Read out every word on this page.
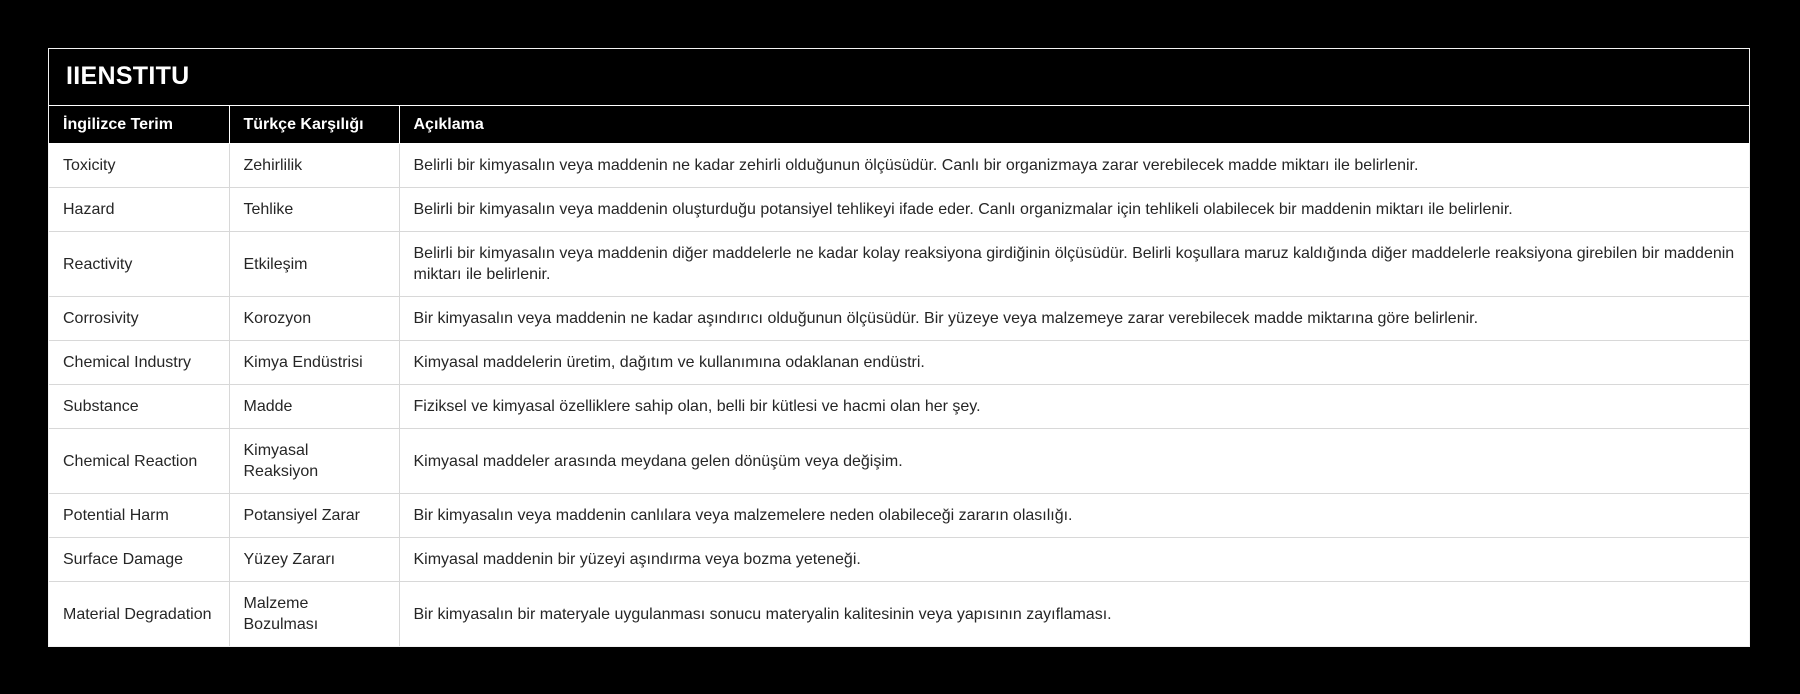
IIENSTITU
İngilizce Terim	Türkçe Karşılığı	Açıklama
Toxicity	Zehirlilik	Belirli bir kimyasalın veya maddenin ne kadar zehirli olduğunun ölçüsüdür. Canlı bir organizmaya zarar verebilecek madde miktarı ile belirlenir.
Hazard	Tehlike	Belirli bir kimyasalın veya maddenin oluşturduğu potansiyel tehlikeyi ifade eder. Canlı organizmalar için tehlikeli olabilecek bir maddenin miktarı ile belirlenir.
Reactivity	Etkileşim	Belirli bir kimyasalın veya maddenin diğer maddelerle ne kadar kolay reaksiyona girdiğinin ölçüsüdür. Belirli koşullara maruz kaldığında diğer maddelerle reaksiyona girebilen bir maddenin miktarı ile belirlenir.
Corrosivity	Korozyon	Bir kimyasalın veya maddenin ne kadar aşındırıcı olduğunun ölçüsüdür. Bir yüzeye veya malzemeye zarar verebilecek madde miktarına göre belirlenir.
Chemical Industry	Kimya Endüstrisi	Kimyasal maddelerin üretim, dağıtım ve kullanımına odaklanan endüstri.
Substance	Madde	Fiziksel ve kimyasal özelliklere sahip olan, belli bir kütlesi ve hacmi olan her şey.
Chemical Reaction	Kimyasal Reaksiyon	Kimyasal maddeler arasında meydana gelen dönüşüm veya değişim.
Potential Harm	Potansiyel Zarar	Bir kimyasalın veya maddenin canlılara veya malzemelere neden olabileceği zararın olasılığı.
Surface Damage	Yüzey Zararı	Kimyasal maddenin bir yüzeyi aşındırma veya bozma yeteneği.
Material Degradation	Malzeme Bozulması	Bir kimyasalın bir materyale uygulanması sonucu materyalin kalitesinin veya yapısının zayıflaması.
